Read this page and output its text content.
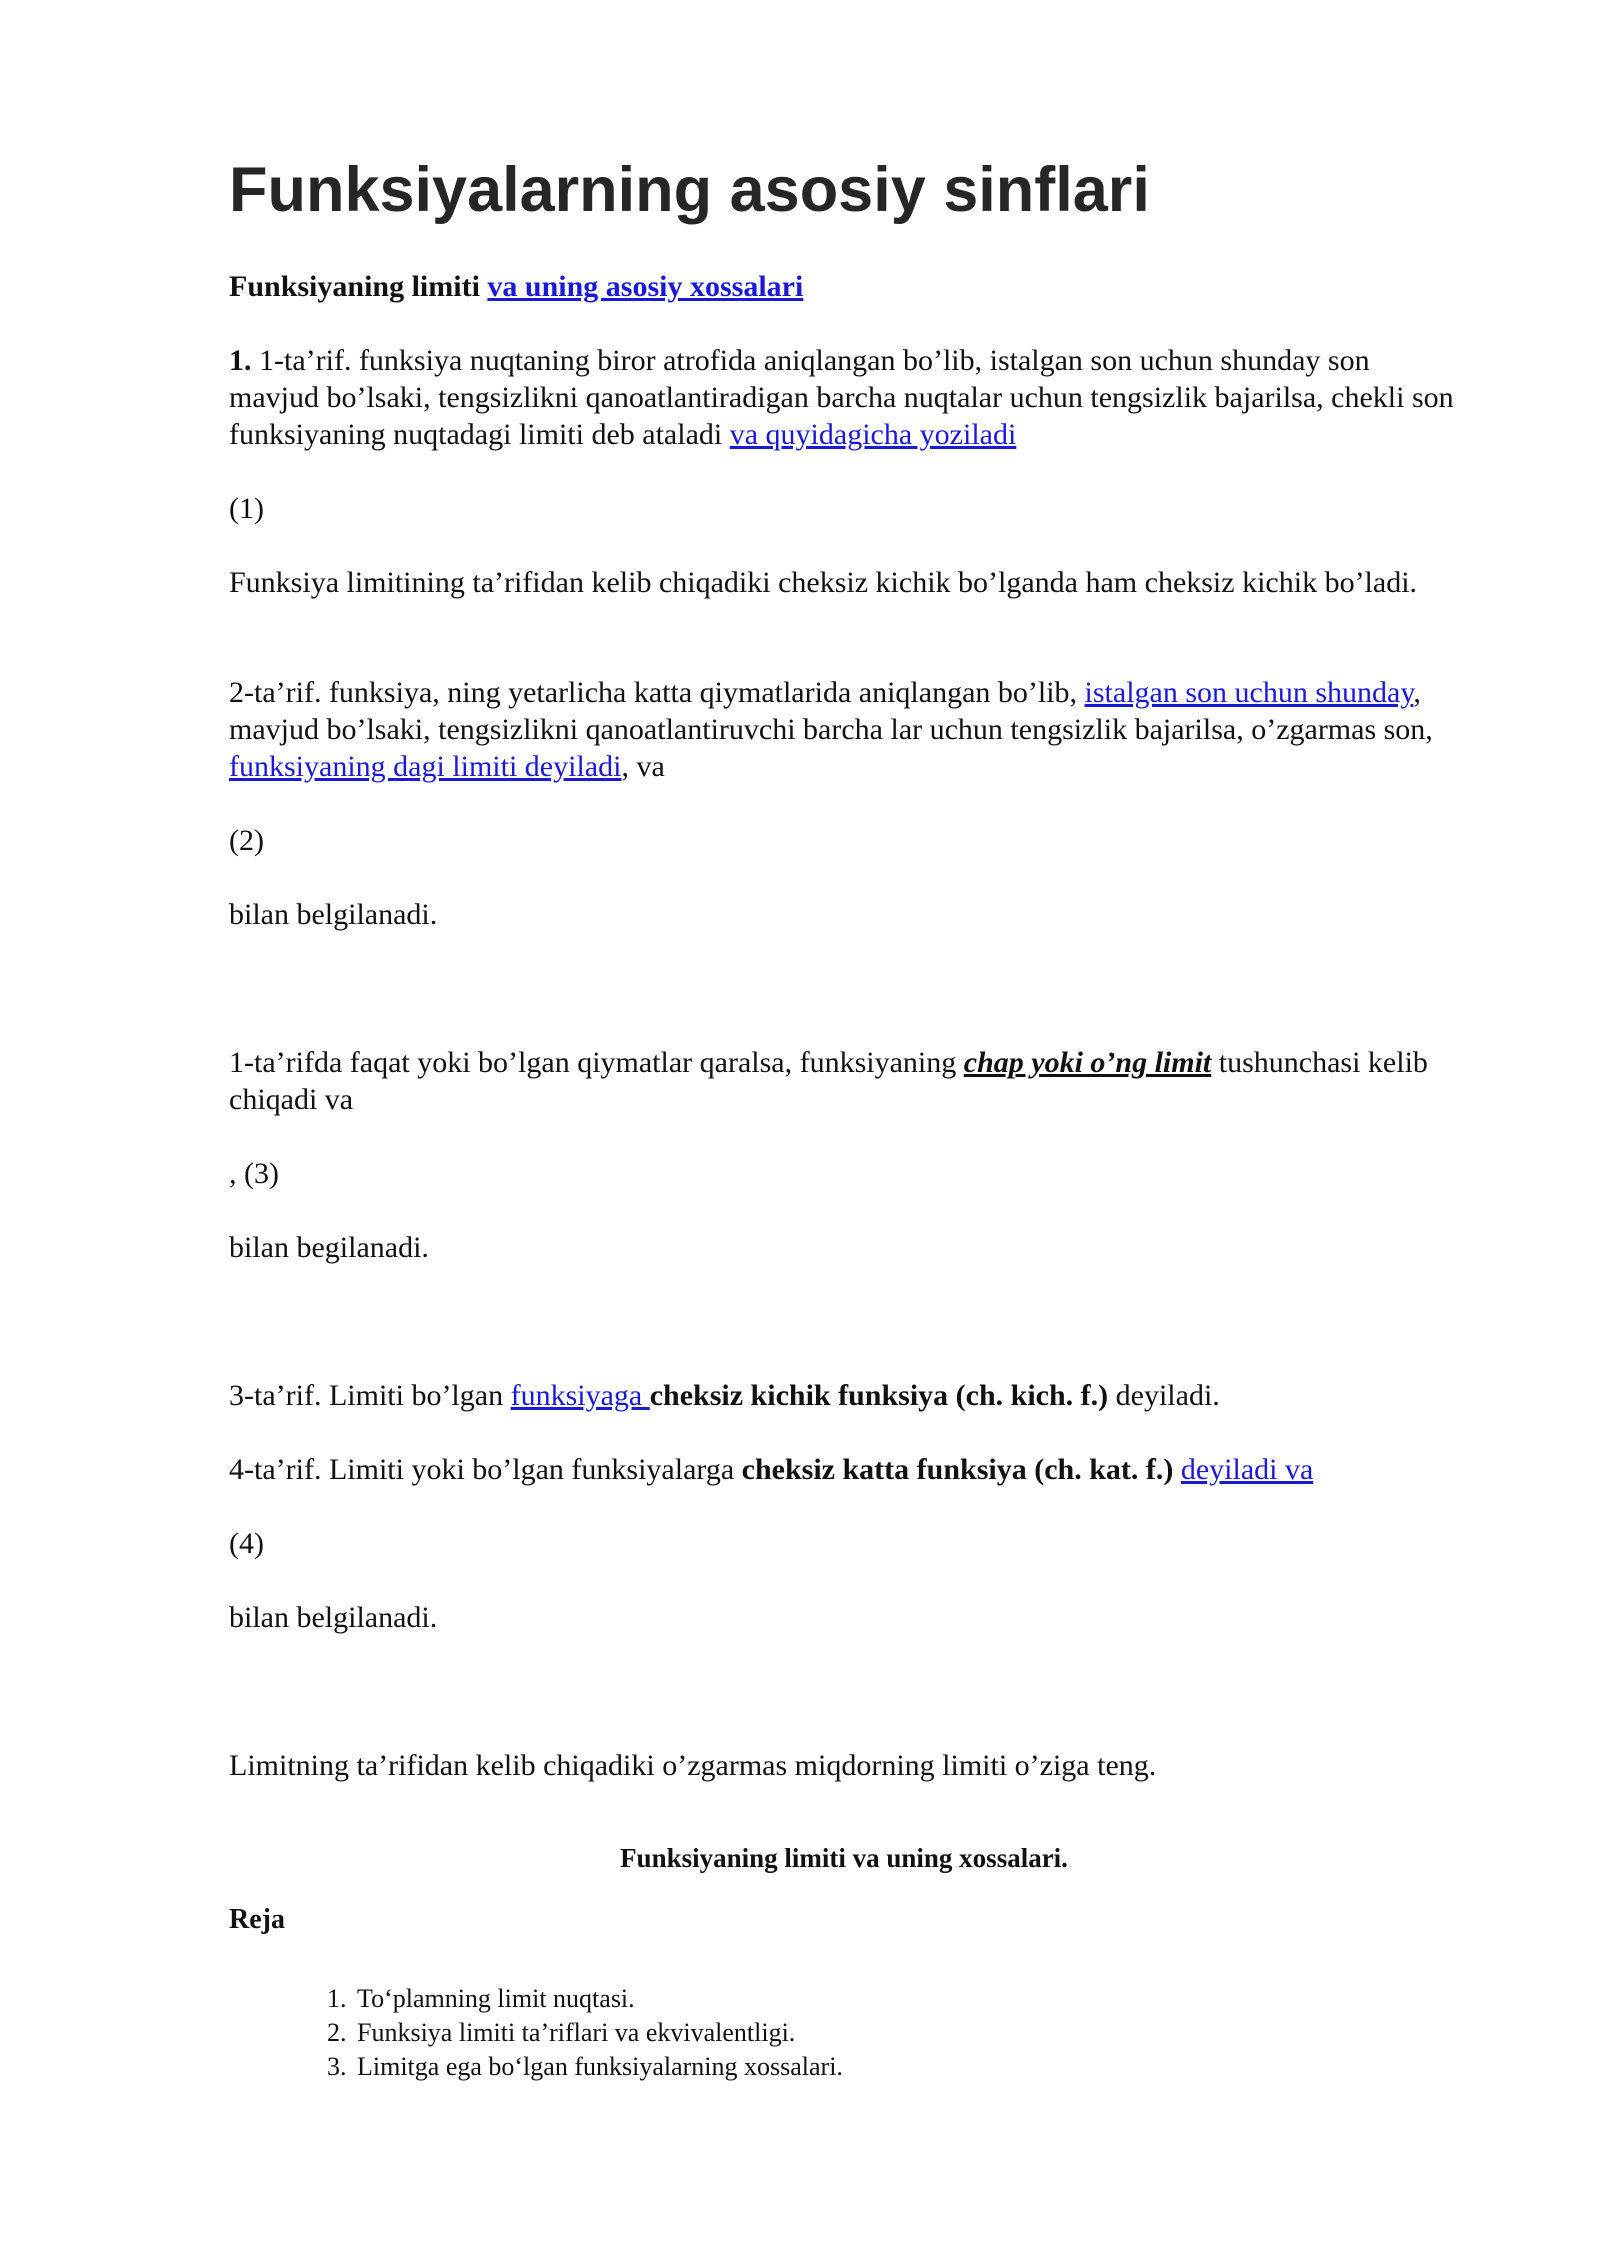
Funksiyalarning asosiy sinflari

Funksiyaning limiti va uning asosiy xossalari

1. 1-ta’rif. funksiya nuqtaning biror atrofida aniqlangan bo’lib, istalgan son uchun shunday son mavjud bo’lsaki, tengsizlikni qanoatlantiradigan barcha nuqtalar uchun tengsizlik bajarilsa, chekli son funksiyaning nuqtadagi limiti deb ataladi va quyidagicha yoziladi

(1)

Funksiya limitining ta’rifidan kelib chiqadiki cheksiz kichik bo’lganda ham cheksiz kichik bo’ladi.

2-ta’rif. funksiya, ning yetarlicha katta qiymatlarida aniqlangan bo’lib, istalgan son uchun shunday, mavjud bo’lsaki, tengsizlikni qanoatlantiruvchi barcha lar uchun tengsizlik bajarilsa, o’zgarmas son, funksiyaning dagi limiti deyiladi, va

(2)

bilan belgilanadi.

1-ta’rifda faqat yoki bo’lgan qiymatlar qaralsa, funksiyaning chap yoki o’ng limit tushunchasi kelib chiqadi va

, (3)

bilan begilanadi.

3-ta’rif. Limiti bo’lgan funksiyaga cheksiz kichik funksiya (ch. kich. f.) deyiladi.

4-ta’rif. Limiti yoki bo’lgan funksiyalarga cheksiz katta funksiya (ch. kat. f.) deyiladi va

(4)

bilan belgilanadi.

Limitning ta’rifidan kelib chiqadiki o’zgarmas miqdorning limiti o’ziga teng.

Funksiyaning limiti va uning xossalari.

Reja

1. To‘plamning limit nuqtasi.
2. Funksiya limiti ta’riflari va ekvivalentligi.
3. Limitga ega bo‘lgan funksiyalarning xossalari.
